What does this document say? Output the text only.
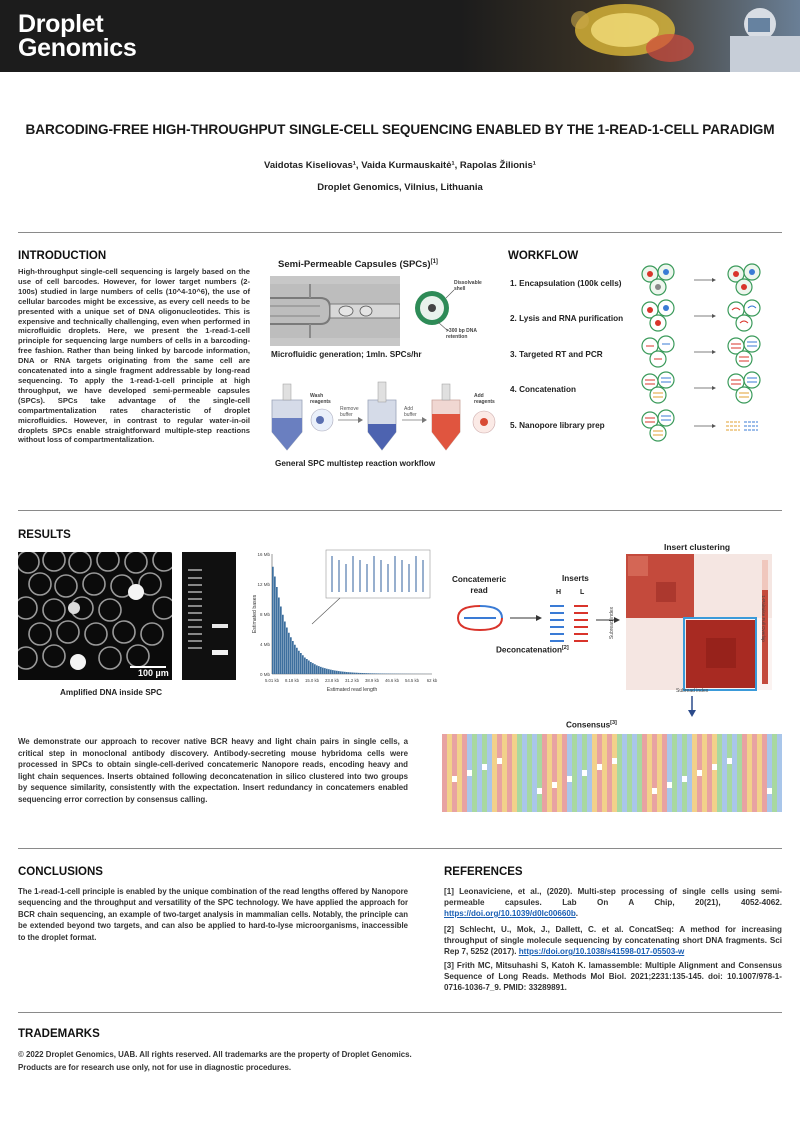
Droplet
Genomics
BARCODING-FREE HIGH-THROUGHPUT SINGLE-CELL SEQUENCING ENABLED BY THE 1-READ-1-CELL PARADIGM
Vaidotas Kiseliovas¹, Vaida Kurmauskaitė¹, Rapolas Žilionis¹
Droplet Genomics, Vilnius, Lithuania
INTRODUCTION
High-throughput single-cell sequencing is largely based on the use of cell barcodes. However, for lower target numbers (2-100s) studied in large numbers of cells (10^4-10^6), the use of cellular barcodes might be excessive, as every cell needs to be presented with a unique set of DNA oligonucleotides. This is expensive and technically challenging, even when performed in microfluidic droplets. Here, we present the 1-read-1-cell principle for sequencing large numbers of cells in a barcoding-free fashion. Rather than being linked by barcode information, DNA or RNA targets originating from the same cell are concatenated into a single fragment addressable by long-read sequencing. To apply the 1-read-1-cell principle at high throughput, we have developed semi-permeable capsules (SPCs). SPCs take advantage of the single-cell compartmentalization rates characteristic of droplet microfluidics. However, in contrast to regular water-in-oil droplets SPCs enable straightforward multiple-step reactions without loss of compartmentalization.
Semi-Permeable Capsules (SPCs)[1]
Dissolvable
shell
>300 bp DNA
retention
Microfluidic generation; 1mln. SPCs/hr
Wash
reagents
Remove
buffer
Add
buffer
Add
reagents
General SPC multistep reaction workflow
WORKFLOW
1. Encapsulation (100k cells)
2. Lysis and RNA purification
3. Targeted RT and PCR
4. Concatenation
5. Nanopore library prep
RESULTS
100 µm
Amplified DNA inside SPC
0 Mb
4 Mb
8 Mb
12 Mb
16 Mb
5.01 kb 8.18 kb 15.0 kb 23.8 kb 31.2 kb 38.9 kb 46.6 kb 54.5 kb 62 kb
Estimated read length
Estimated bases
Concatemeric
read
Inserts
Deconcatenation[2]
H	L
Insert clustering
Subread index
Subread index
1-Pairwise Full Overlap
Consensus[3]
We demonstrate our approach to recover native BCR heavy and light chain pairs in single cells, a critical step in monoclonal antibody discovery. Antibody-secreting mouse hybridoma cells were processed in SPCs to obtain single-cell-derived concatemeric Nanopore reads, encoding heavy and light chain sequences. Inserts obtained following deconcatenation in silico clustered into two groups by sequence similarity, consistently with the expectation. Insert redundancy in concatemers enabled sequencing error correction by consensus calling.
CONCLUSIONS
The 1-read-1-cell principle is enabled by the unique combination of the read lengths offered by Nanopore sequencing and the throughput and versatility of the SPC technology. We have applied the approach for BCR chain sequencing, an example of two-target analysis in mammalian cells. Notably, the principle can be extended beyond two targets, and can also be applied to hard-to-lyse microorganisms, inaccessible to the droplet format.
REFERENCES
[1] Leonaviciene, et al., (2020). Multi-step processing of single cells using semi-permeable capsules. Lab On A Chip, 20(21), 4052-4062. https://doi.org/10.1039/d0lc00660b.
[2] Schlecht, U., Mok, J., Dallett, C. et al. ConcatSeq: A method for increasing throughput of single molecule sequencing by concatenating short DNA fragments. Sci Rep 7, 5252 (2017). https://doi.org/10.1038/s41598-017-05503-w
[3] Frith MC, Mitsuhashi S, Katoh K. lamassemble: Multiple Alignment and Consensus Sequence of Long Reads. Methods Mol Biol. 2021;2231:135-145. doi: 10.1007/978-1-0716-1036-7_9. PMID: 33289891.
TRADEMARKS
© 2022 Droplet Genomics, UAB. All rights reserved. All trademarks are the property of Droplet Genomics.
Products are for research use only, not for use in diagnostic procedures.
